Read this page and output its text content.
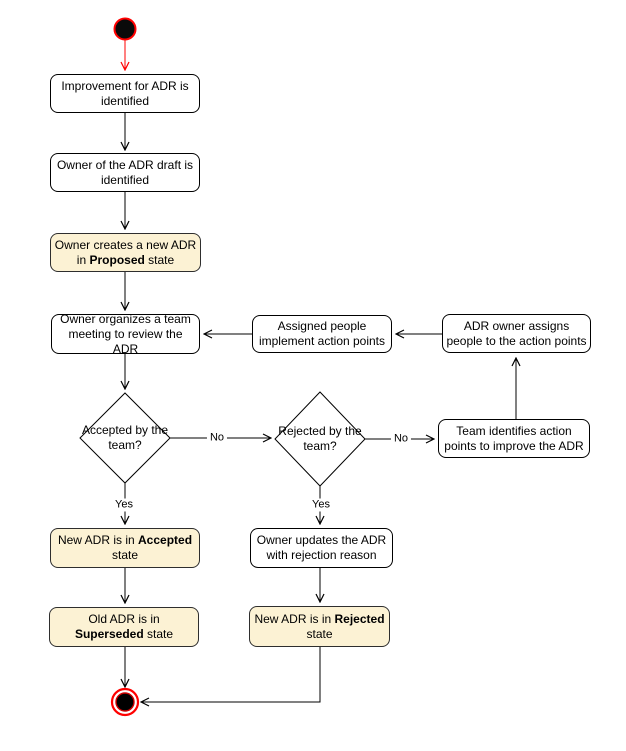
Improvement for ADR is identified
Owner of the ADR draft is identified
Owner creates a new ADR in Proposed state
Owner organizes a team meeting to review the ADR
Assigned people implement action points
ADR owner assigns people to the action points
Team identifies action points to improve the ADR
New ADR is in Accepted state
Old ADR is in Superseded state
Owner updates the ADR with rejection reason
New ADR is in Rejected state
Accepted by the team?
Rejected by the team?
No	No
Yes	Yes
